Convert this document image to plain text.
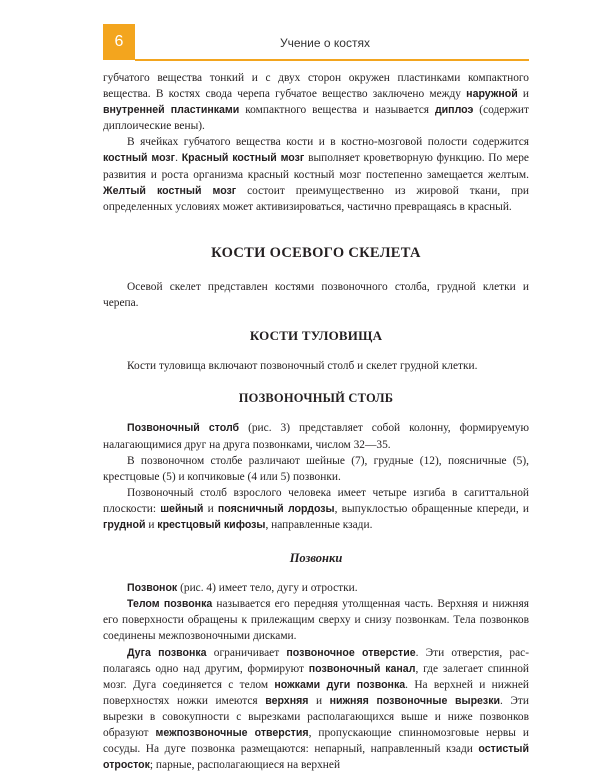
6	Учение о костях

губчатого вещества тонкий и с двух сторон окружен пластинками компактного вещества. В костях свода черепа губчатое вещество заключено между наружной и внутренней пластинками компактного вещества и называется диплоэ (содержит диплоические вены).

В ячейках губчатого вещества кости и в костно-мозговой полости содержится костный мозг. Красный костный мозг выполняет кроветворную функцию. По мере развития и роста организма красный костный мозг постепенно замещается желтым. Желтый костный мозг состоит преимущественно из жировой ткани, при определенных условиях может активизироваться, частично превращаясь в красный.

КОСТИ ОСЕВОГО СКЕЛЕТА

Осевой скелет представлен костями позвоночного столба, грудной клетки и черепа.

КОСТИ ТУЛОВИЩА

Кости туловища включают позвоночный столб и скелет грудной клетки.

ПОЗВОНОЧНЫЙ СТОЛБ

Позвоночный столб (рис. 3) представляет собой колонну, формируемую налагающимися друг на друга позвонками, числом 32—35.

В позвоночном столбе различают шейные (7), грудные (12), поясничные (5), крестцовые (5) и копчиковые (4 или 5) позвонки.

Позвоночный столб взрослого человека имеет четыре изгиба в сагиттальной плоскости: шейный и поясничный лордозы, выпуклостью обращенные кпереди, и грудной и крестцовый кифозы, направленные кзади.

Позвонки

Позвонок (рис. 4) имеет тело, дугу и отростки.

Телом позвонка называется его передняя утолщенная часть. Верхняя и нижняя его поверхности обращены к прилежащим сверху и снизу позвонкам. Тела позвонков соединены межпозвоночными дисками.

Дуга позвонка ограничивает позвоночное отверстие. Эти отверстия, располагаясь одно над другим, формируют позвоночный канал, где залегает спинной мозг. Дуга соединяется с телом ножками дуги позвонка. На верхней и нижней поверхностях ножки имеются верхняя и нижняя позвоночные вырезки. Эти вырезки в совокупности с вырезками располагающихся выше и ниже позвонков образуют межпозвоночные отверстия, пропускающие спинномозговые нервы и сосуды. На дуге позвонка размещаются: непарный, направленный кзади остистый отросток; парные, располагающиеся на верхней
